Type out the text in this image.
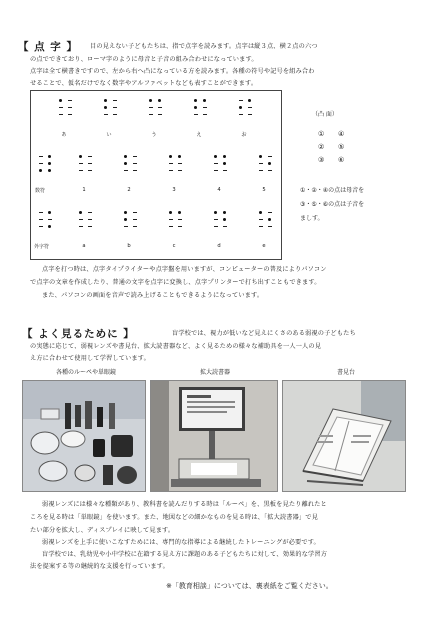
【 点 字 】 目の見えない子どもたちは、指で点字を読みます。点字は縦３点、横２点の六つ
の点でできており、ローマ字のように母音と子音の組み合わせになっています。
点字は全て横書きですので、左から右へ凸になっている方を読みます。各種の符号や記号を組み合わ
せることで、仮名だけでなく数字やアルファベットなども表すことができます。
あ	い	う	え	お
数符	1	2	3	4	5
外字符	a	b	c	d	e
（凸 面）
① ④
② ⑤
③ ⑥
①・②・④の点は母音を
③・⑤・⑥の点は子音を
ましす。
点字を打つ時は、点字タイプライターや点字盤を用いますが、コンピューターの普及によりパソコン
で点字の文章を作成したり、普通の文字を点字に変換し、点字プリンターで打ち出すこともできます。
また、パソコンの画面を音声で読み上げることもできるようになっています。
【 よく見るために 】	盲学校では、視力が低いなど見えにくさのある弱視の子どもたち
の実態に応じて、弱視レンズや書見台、拡大読書器など、よく見るための様々な補助具を一人一人の見
え方に合わせて使用して学習しています。
各種のルーペや単眼鏡	拡大読書器	書見台
弱視レンズには様々な種類があり、教科書を読んだりする時は「ルーペ」を、黒板を見たり離れたと
ころを見る時は「単眼鏡」を使います。また、地図などの細かなものを見る時は、「拡大読書器」で見
たい部分を拡大し、ディスプレイに映して見ます。
弱視レンズを上手に使いこなすためには、専門的な指導による継続したトレーニングが必要です。
盲学校では、乳幼児や小中学校に在籍する見え方に課題のある子どもたちに対して、効果的な学習方
法を提案する等の継続的な支援を行っています。
※「教育相談」については、裏表紙をご覧ください。
